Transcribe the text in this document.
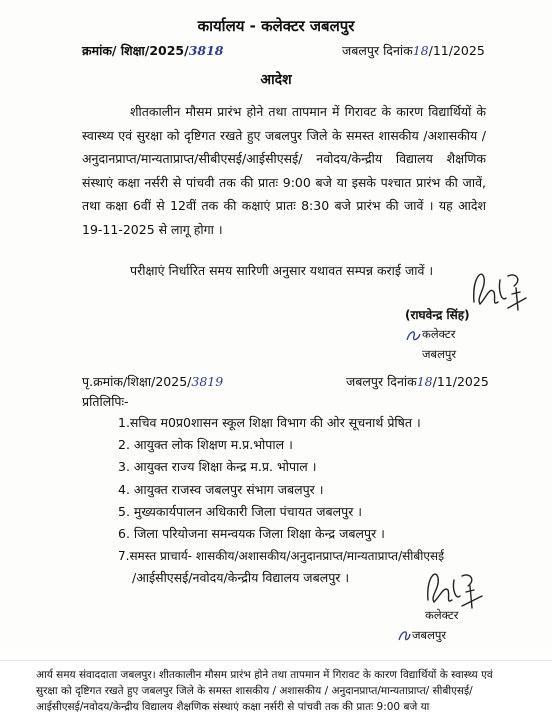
कार्यालय - कलेक्टर जबलपुर
क्रमांक/ शिक्षा/2025/3818	जबलपुर दिनांक18/11/2025
आदेश
शीतकालीन मौसम प्रारंभ होने तथा तापमान में गिरावट के कारण विद्यार्थियों के स्वास्थ्य एवं सुरक्षा को दृष्टिगत रखते हुए जबलपुर जिले के समस्त शासकीय /अशासकीय / अनुदानप्राप्त/मान्यताप्राप्त/सीबीएसई/आईसीएसई/ नवोदय/केन्द्रीय विद्यालय शैक्षणिक संस्थाएं कक्षा नर्सरी से पांचवी तक की प्रातः 9:00 बजे या इसके पश्चात प्रारंभ की जावें, तथा कक्षा 6वीं से 12वीं तक की कक्षाएं प्रातः 8:30 बजे प्रारंभ की जावें । यह आदेश 19-11-2025 से लागू होगा ।
परीक्षाएं निर्धारित समय सारिणी अनुसार यथावत सम्पन्न कराई जावें ।
(राघवेन्द्र सिंह)
कलेक्टर
जबलपुर
पृ.क्रमांक/शिक्षा/2025/3819	जबलपुर दिनांक18/11/2025
प्रतिलिपिः-
1.सचिव म0प्र0शासन स्कूल शिक्षा विभाग की ओर सूचनार्थ प्रेषित ।
2. आयुक्त लोक शिक्षण म.प्र.भोपाल ।
3. आयुक्त राज्य शिक्षा केन्द्र म.प्र. भोपाल ।
4. आयुक्त राजस्व जबलपुर संभाग जबलपुर ।
5. मुख्यकार्यपालन अधिकारी जिला पंचायत जबलपुर ।
6. जिला परियोजना समन्वयक जिला शिक्षा केन्द्र जबलपुर ।
7.समस्त प्राचार्य- शासकीय/अशासकीय/अनुदानप्राप्त/मान्यताप्राप्त/सीबीएसई
/आईसीएसई/नवोदय/केन्द्रीय विद्यालय जबलपुर ।
कलेक्टर
जबलपुर

आर्य समय संवाददाता जबलपुर। शीतकालीन मौसम प्रारंभ होने तथा तापमान में गिरावट के कारण विद्यार्थियों के स्वास्थ्य एवं सुरक्षा को दृष्टिगत रखते हुए जबलपुर जिले के समस्त शासकीय / अशासकीय / अनुदानप्राप्त/मान्यताप्राप्त/ सीबीएसई/आईसीएसई/नवोदय/केन्द्रीय विद्यालय शैक्षणिक संस्थाएं कक्षा नर्सरी से पांचवी तक की प्रातः 9:00 बजे या
